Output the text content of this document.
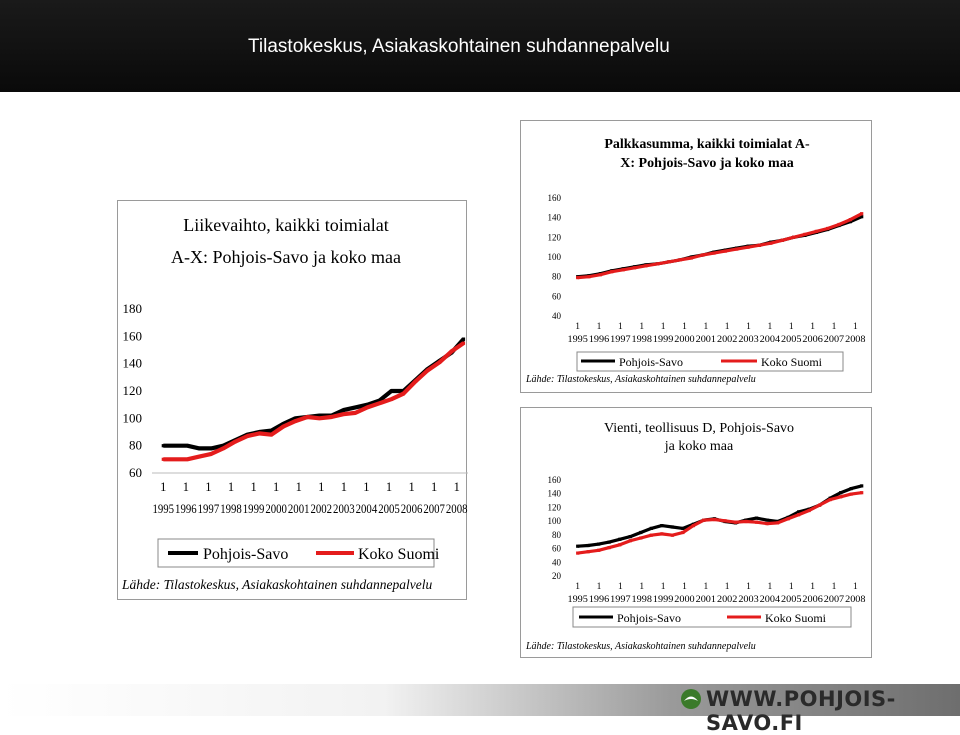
Tilastokeskus, Asiakaskohtainen suhdannepalvelu
Liikevaihto, kaikki toimialat
A-X: Pohjois-Savo ja koko maa
60
80
100
120
140
160
180
1
1995
1
1996
1
1997
1
1998
1
1999
1
2000
1
2001
1
2002
1
2003
1
2004
1
2005
1
2006
1
2007
1
2008
Pohjois-Savo	Koko Suomi
Lähde: Tilastokeskus, Asiakaskohtainen suhdannepalvelu
Palkkasumma, kaikki toimialat A-
X: Pohjois-Savo ja koko maa
40
60
80
100
120
140
160
1
1995
1
1996
1
1997
1
1998
1
1999
1
2000
1
2001
1
2002
1
2003
1
2004
1
2005
1
2006
1
2007
1
2008
Pohjois-Savo	Koko Suomi
Lähde: Tilastokeskus, Asiakaskohtainen suhdannepalvelu
Vienti, teollisuus D, Pohjois-Savo
ja koko maa
20
40
60
80
100
120
140
160
1
1995
1
1996
1
1997
1
1998
1
1999
1
2000
1
2001
1
2002
1
2003
1
2004
1
2005
1
2006
1
2007
1
2008
Pohjois-Savo	Koko Suomi
Lähde: Tilastokeskus, Asiakaskohtainen suhdannepalvelu
WWW.POHJOIS-SAVO.FI
